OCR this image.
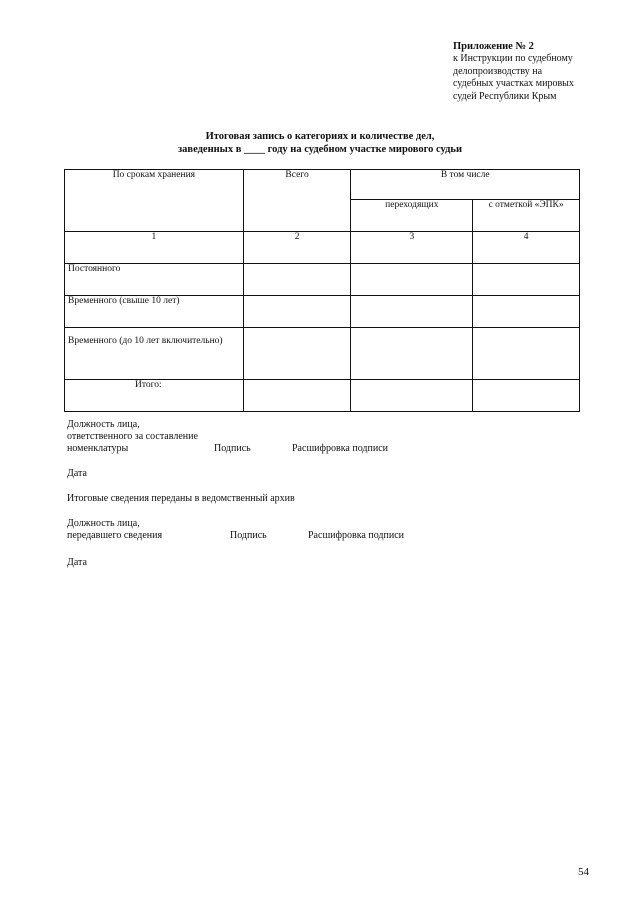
Приложение № 2
к Инструкции по судебному
делопроизводству на
судебных участках мировых
судей Республики Крым
Итоговая запись о категориях и количестве дел,
заведенных в ____ году на судебном участке мирового судьи
По срокам хранения	Всего	В том числе	
		переходящих	с отметкой «ЭПК»
1	2	3	4
Постоянного			
Временного (свыше 10 лет)			
Временного (до 10 лет включительно)			
Итого:			
Должность лица,
ответственного за составление
номенклатуры	Подпись	Расшифровка подписи
Дата
Итоговые сведения переданы в ведомственный архив
Должность лица,
передавшего сведения	Подпись	Расшифровка подписи
Дата
54
